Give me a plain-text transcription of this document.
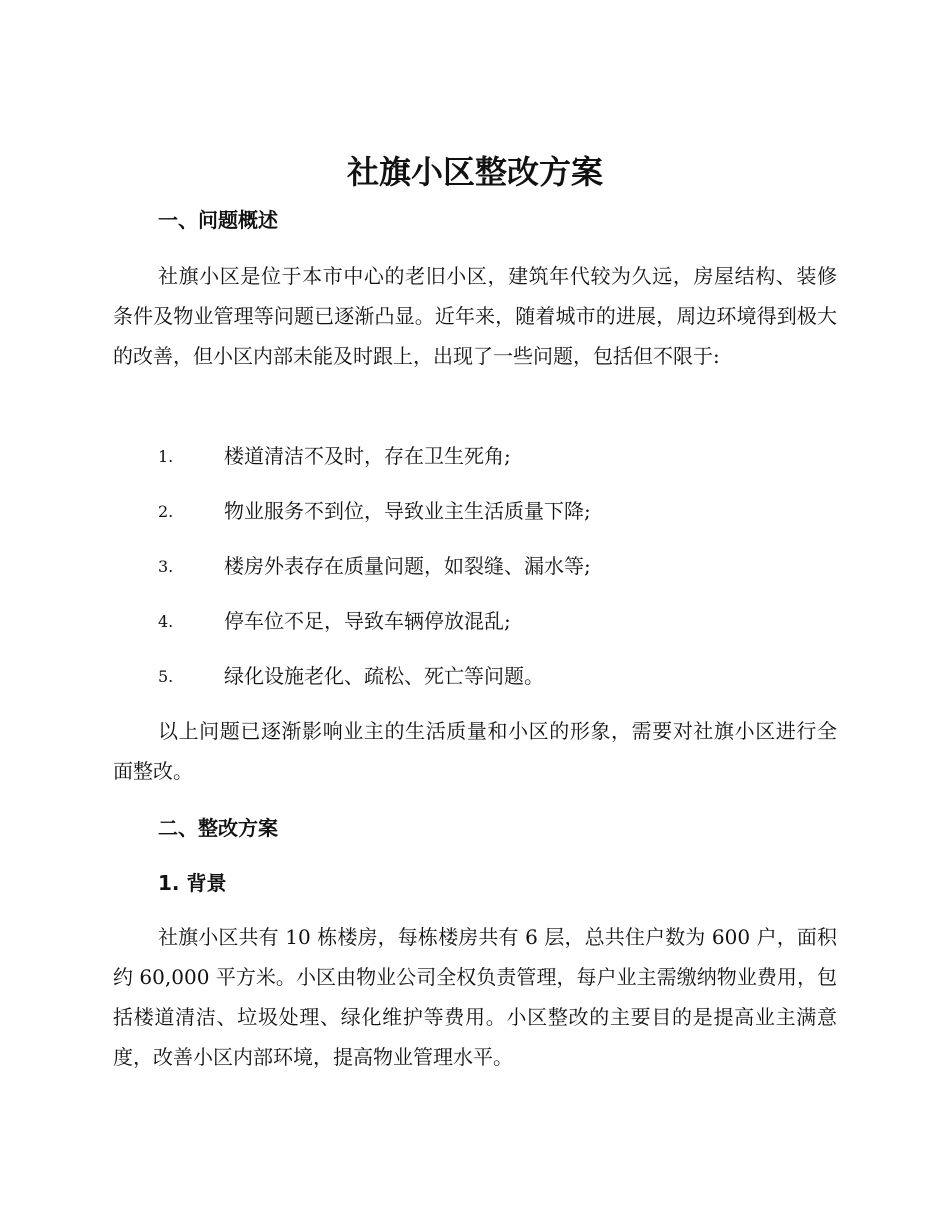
社旗小区整改方案
一、问题概述

社旗小区是位于本市中心的老旧小区，建筑年代较为久远，房屋结构、装修条件及物业管理等问题已逐渐凸显。近年来，随着城市的进展，周边环境得到极大的改善，但小区内部未能及时跟上，出现了一些问题，包括但不限于:

1.	楼道清洁不及时，存在卫生死角;
2.	物业服务不到位，导致业主生活质量下降;
3.	楼房外表存在质量问题，如裂缝、漏水等;
4.	停车位不足，导致车辆停放混乱;
5.	绿化设施老化、疏松、死亡等问题。

以上问题已逐渐影响业主的生活质量和小区的形象，需要对社旗小区进行全面整改。

二、整改方案
1. 背景

社旗小区共有 10 栋楼房，每栋楼房共有 6 层，总共住户数为 600 户，面积约 60,000 平方米。小区由物业公司全权负责管理，每户业主需缴纳物业费用，包括楼道清洁、垃圾处理、绿化维护等费用。小区整改的主要目的是提高业主满意度，改善小区内部环境，提高物业管理水平。
